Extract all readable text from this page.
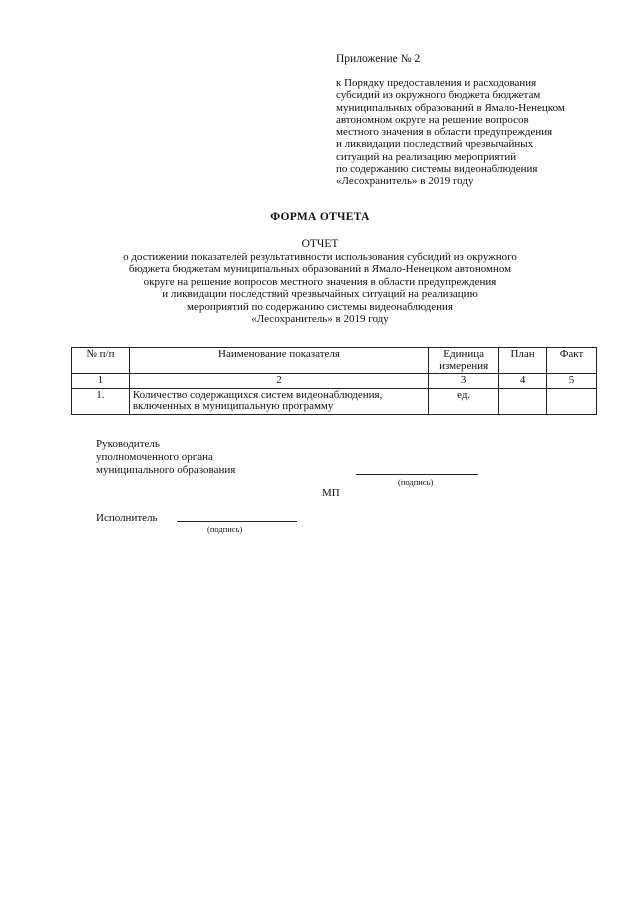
Приложение № 2
к Порядку предоставления и расходования
субсидий из окружного бюджета бюджетам
муниципальных образований в Ямало-Ненецком
автономном округе на решение вопросов
местного значения в области предупреждения
и ликвидации последствий чрезвычайных
ситуаций на реализацию мероприятий
по содержанию системы видеонаблюдения
«Лесохранитель» в 2019 году
ФОРМА ОТЧЕТА
ОТЧЕТ
о достижении показателей результативности использования субсидий из окружного
бюджета бюджетам муниципальных образований в Ямало-Ненецком автономном
округе на решение вопросов местного значения в области предупреждения
и ликвидации последствий чрезвычайных ситуаций на реализацию
мероприятий по содержанию системы видеонаблюдения
«Лесохранитель» в 2019 году
№ п/п	Наименование показателя	Единица измерения	План	Факт
1	2	3	4	5
1.	Количество содержащихся систем видеонаблюдения, включенных в муниципальную программу	ед.		
Руководитель
уполномоченного органа
муниципального образования
(подпись)
МП
Исполнитель
(подпись)
